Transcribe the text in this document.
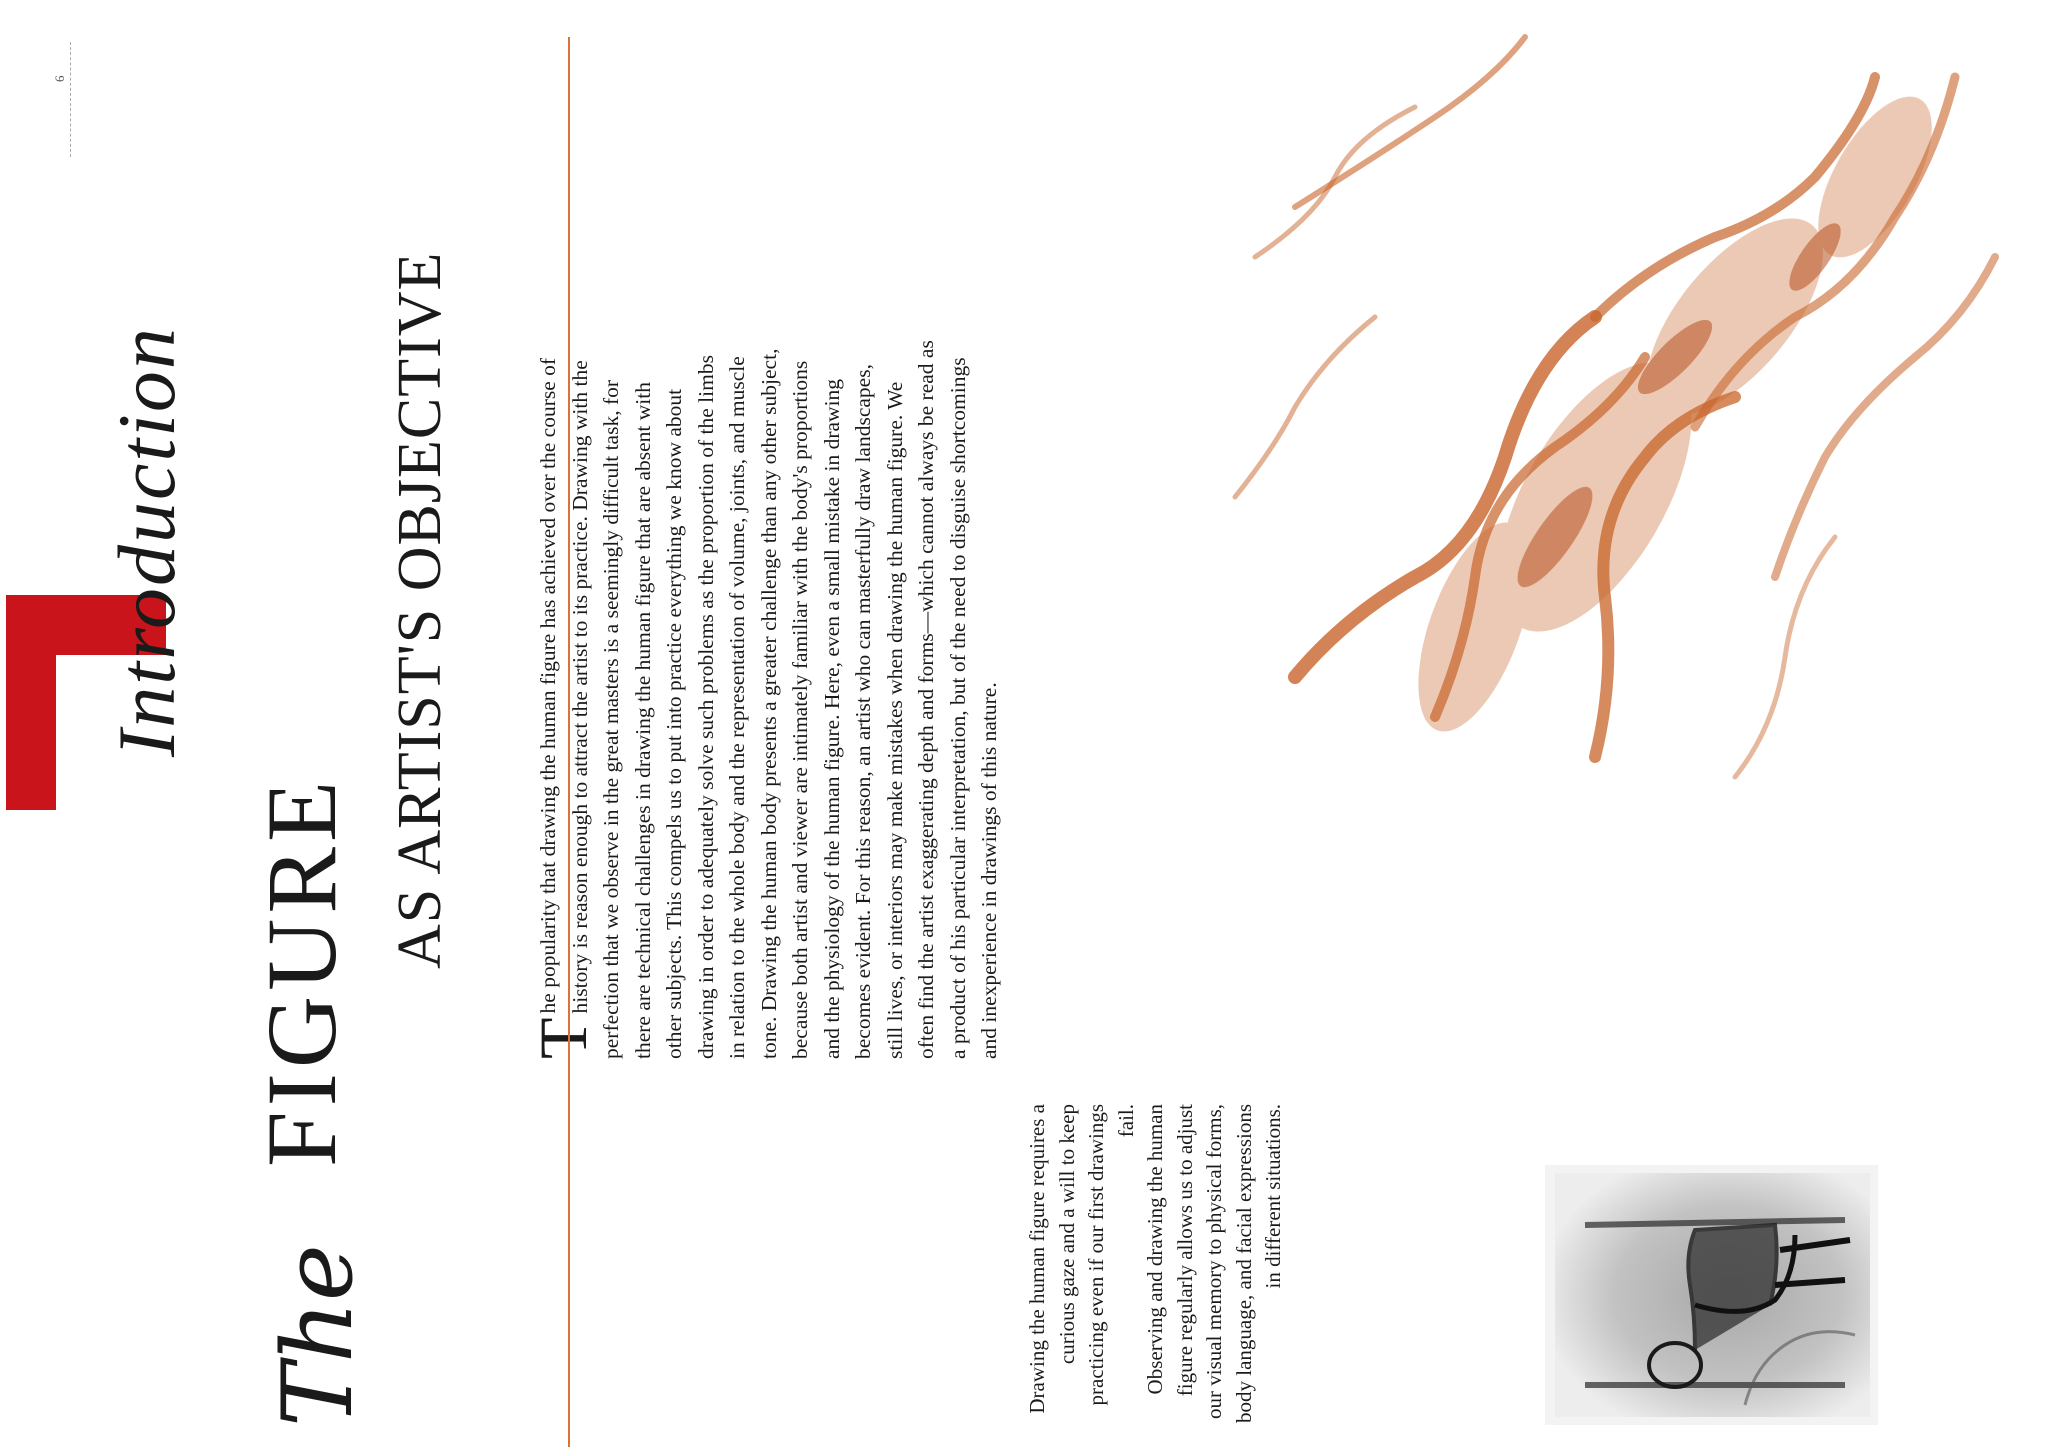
6
Introduction
The
FIGURE
AS ARTIST'S OBJECTIVE
T
he popularity that drawing the human figure has achieved over the course of history is reason enough to attract the artist to its practice. Drawing with the perfection that we observe in the great masters is a seemingly difficult task, for there are technical challenges in drawing the human figure that are absent with other subjects. This compels us to put into practice everything we know about drawing in order to adequately solve such problems as the proportion of the limbs in relation to the whole body and the representation of volume, joints, and muscle tone. Drawing the human body presents a greater challenge than any other subject, because both artist and viewer are intimately familiar with the body's proportions and the physiology of the human figure. Here, even a small mistake in drawing becomes evident. For this reason, an artist who can masterfully draw landscapes, still lives, or interiors may make mistakes when drawing the human figure. We often find the artist exaggerating depth and forms—which cannot always be read as a product of his particular interpretation, but of the need to disguise shortcomings and inexperience in drawings of this nature.

Drawing the human figure requires a curious gaze and a will to keep practicing even if our first drawings fail. Observing and drawing the human figure regularly allows us to adjust our visual memory to physical forms, body language, and facial expressions in different situations.
